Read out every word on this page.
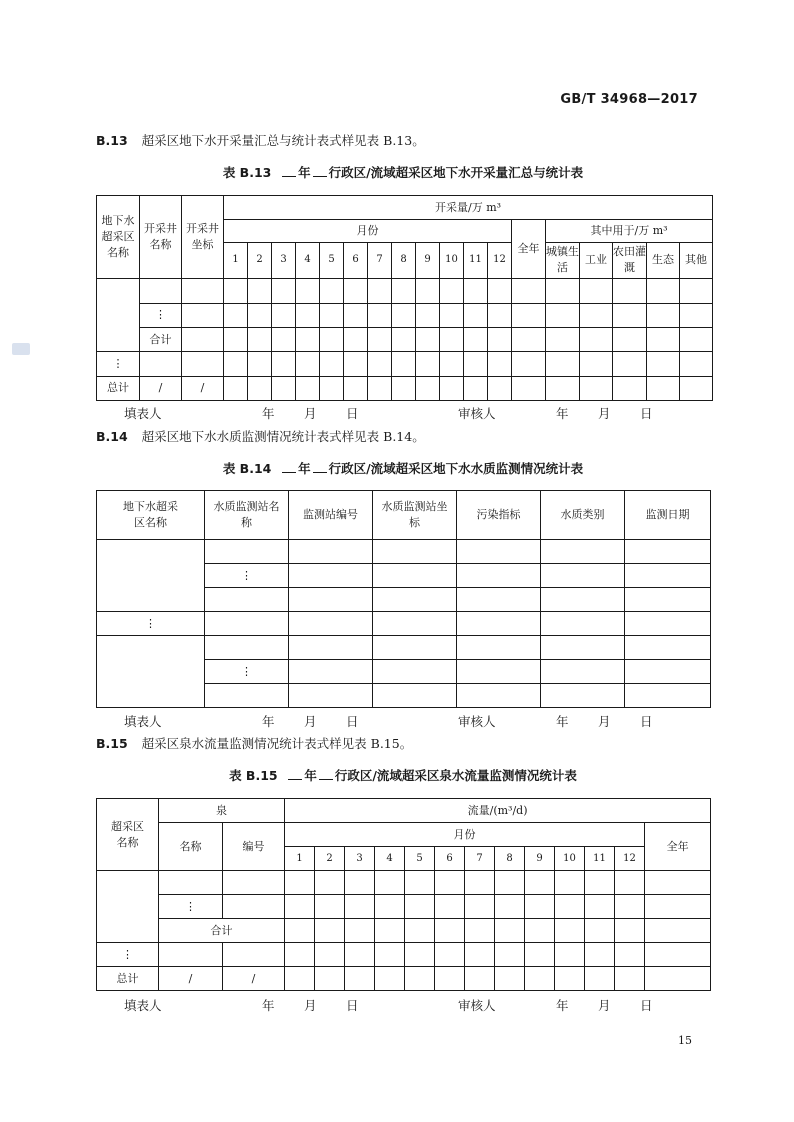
GB/T 34968—2017
B.13 超采区地下水开采量汇总与统计表式样见表 B.13。
表 B.13 年 行政区/流域超采区地下水开采量汇总与统计表
地下水超采区名称	开采井名称	开采井坐标	开采量/万 m³																	
			月份												全年	其中用于/万 m³				
			1	2	3	4	5	6	7	8	9	10	11	12		城镇生活	工业	农田灌溉	生态	其他

	⋮																			
	合计																			
⋮																				
总计	/	/																		
填表人	年 月 日	审核人	年 月 日
B.14 超采区地下水水质监测情况统计表式样见表 B.14。
表 B.14 年 行政区/流域超采区地下水水质监测情况统计表
地下水超采区名称	水质监测站名称	监测站编号	水质监测站坐标	污染指标	水质类别	监测日期

	⋮					

⋮						

	⋮					

填表人	年 月 日	审核人	年 月 日
B.15 超采区泉水流量监测情况统计表式样见表 B.15。
表 B.15 年 行政区/流域超采区泉水流量监测情况统计表
超采区名称	泉		流量/(m³/d)												
	名称	编号	月份												全年
			1	2	3	4	5	6	7	8	9	10	11	12	

	⋮														
	合计														
⋮															
总计	/	/													
填表人	年 月 日	审核人	年 月 日
15
